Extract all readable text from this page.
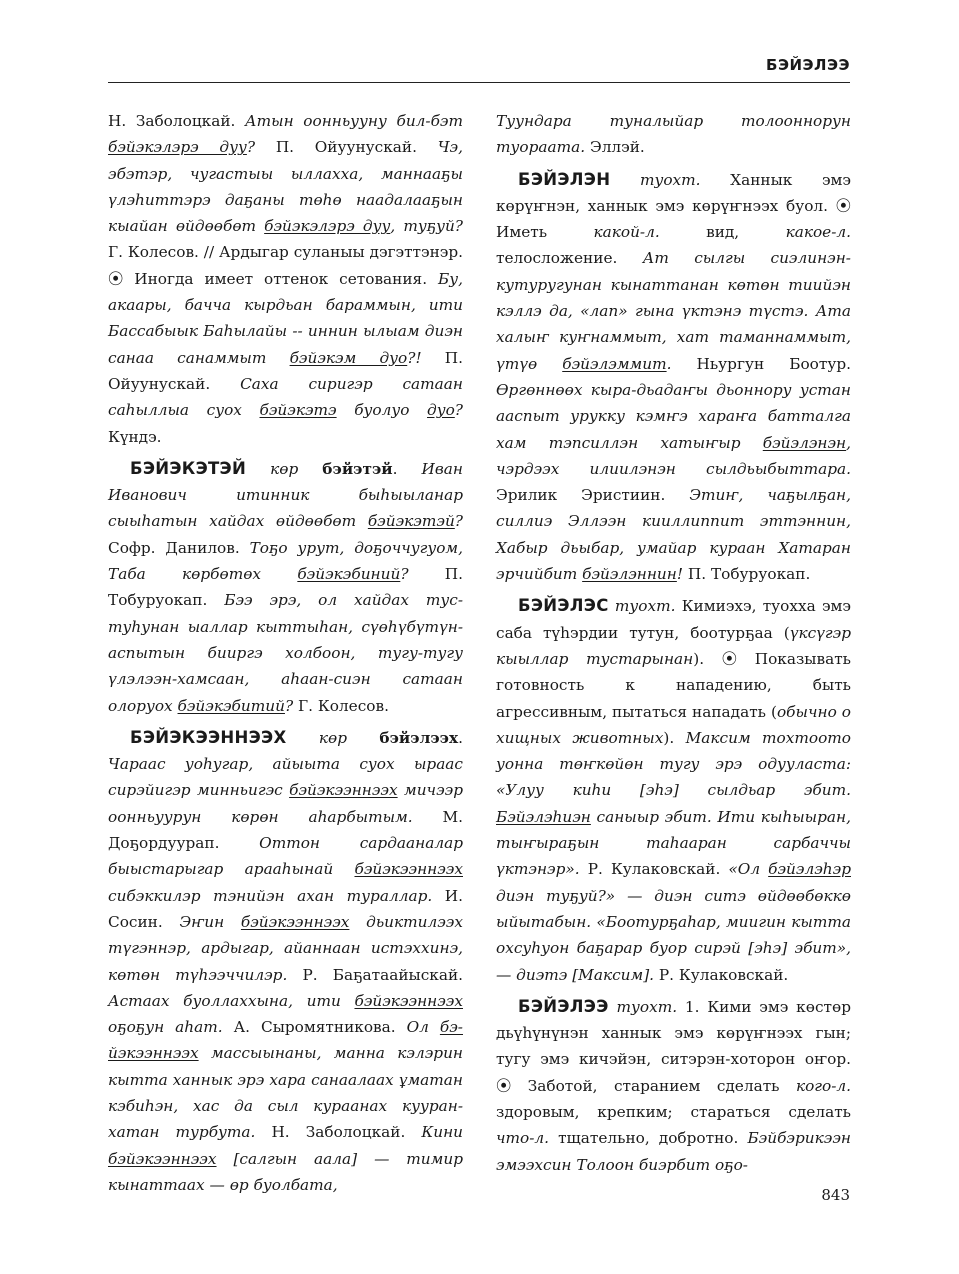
БЭЙЭЛЭЭ

Н. Заболоцкай. Атын оонньууну бил-бэт бэйэкэлэрэ дуу? П. Ойуунускай. Чэ, эбэтэр, чугастыы ыллахха, маннааҕы үлэһиттэрэ даҕаны төһө наадалааҕын кыайан өйдөөбөт бэйэкэлэрэ дуу, туҕуй? Г. Колесов. // Ардыгар суланыы дэгэттэнэр. ⦿ Иногда имеет оттенок сетования. Бу, акаары, баччa кырдьан бараммын, ити Бассабыык Баһылайы -- иннин ылыам диэн санаа санаммыт бэйэкэм дуо?! П. Ойуунускай. Саха сиригэр сатаан саһыллыа суох бэйэкэтэ буолуо дуо? Күндэ.

БЭЙЭКЭТЭЙ көр бэйэтэй. Иван Иванович итинник быһыыланар сыыһатын хайдах өйдөөбөт бэйэкэтэй? Софр. Данилов. Тоҕо урут, доҕоччугуом, Таба көрбөтөх бэйэкэбиний? П. Тобуруокап. Бээ эрэ, ол хайдах тус-туһунан ыаллар кыттыһан, сүөһүбүтүн-аспытын бииргэ холбоон, тугу-тугу үлэлээн-хамсаан, аһаан-сиэн сатаан олоруох бэйэкэбитий? Г. Колесов.

БЭЙЭКЭЭННЭЭХ көр бэйэлээх. Чараас уоһугар, айыыта суох ыраас сирэйигэр минньигэс бэйэкээннээх мичээр оонньуурун көрөн аһарбытым. М. Доҕордуурап. Оттон сардааналар быыстарыгар арааһынай бэйэкээннээх сибэккилэр тэнийэн ахан тураллар. И. Сосин. Эҥин бэйэкээннээх дьиктилээх түгэннэр, ардыгар, айаннаан истэххинэ, көтөн түһээччилэр. Р. Баҕатаайыскай. Астаах буоллаххына, ити бэйэкээннээх оҕоҕун аһат. А. Сыромятникова. Ол бэ-йэкээннээх массыынаны, манна кэлэрин кытта ханнык эрэ хара санаалаах ұматан кэбиһэн, хас да сыл кураанах кууран-хатан турбута. Н. Заболоцкай. Кини бэйэкээннээх [салгын аала] — тимир кынаттаах — өр буолбата,

Туундара туналыйар толооннорун туораата. Эллэй.

БЭЙЭЛЭН туохт. Ханнык эмэ көрүҥнэн, ханнык эмэ көрүҥнээх буол. ⦿ Иметь какой-л. вид, какое-л. телосложение. Ат сылгы сиэлинэн-кутуругунан кынаттанан көтөн тиийэн кэллэ да, «лап» гына үктэнэ түстэ. Ата халыҥ куҥнаммыт, хат таманнаммыт, үтүө бэйэлэммит. Ньургун Боотур. Өргөннөөх кыра-дьадаҥы дьоннору устан аaспыт урукку кэмҥэ хараҥа батталга хам тэпсиллэн хатыҥыр бэйэлэнэн, чэрдээх илиилэнэн сылдьыбыттара. Эрилик Эристиин. Этиҥ, чаҕылҕан, силлиэ Эллээн кииллиппит эттэннин, Хабыр дьыбар, умайар кураан Хатаран эрчийбит бэйэлэннин! П. Тобуруокап.

БЭЙЭЛЭС туохт. Кимиэхэ, туохха эмэ саба түһэрдии тутун, боотурҕаа (үксүгэр кыыллар тустарынан). ⦿ Показывать готовность к нападению, быть агрессивным, пытаться нападать (обычно о хищных животных). Максим тохтоото уонна төҥкөйөн тугу эрэ одууласта: «Улуу киһи [эһэ] сылдьар эбит. Бэйэлэһиэн саныыр эбит. Ити кыһыыран, тыҥыраҕын таһааран сарбаччы үктэнэр». Р. Кулаковскай. «Ол бэйэлэһэр диэн туҕуй?» — диэн ситэ өйдөөбөккө ыйытабын. «Боотурҕаһар, миигин кытта охсуһуон баҕарар буор сирэй [эһэ] эбит», — диэтэ [Максим]. Р. Кулаковскай.

БЭЙЭЛЭЭ туохт. 1. Кими эмэ көстөр дьүһүнүнэн ханнык эмэ көрүҥнээх гын; тугу эмэ кичэйэн, ситэрэн-хоторон оҥор. ⦿ Заботой, старанием сделать кого-л. здоровым, крепким; стараться сделать что-л. тщательно, добротно. Бэйбэрикээн эмээхсин Толоон биэрбит оҕо-

843
